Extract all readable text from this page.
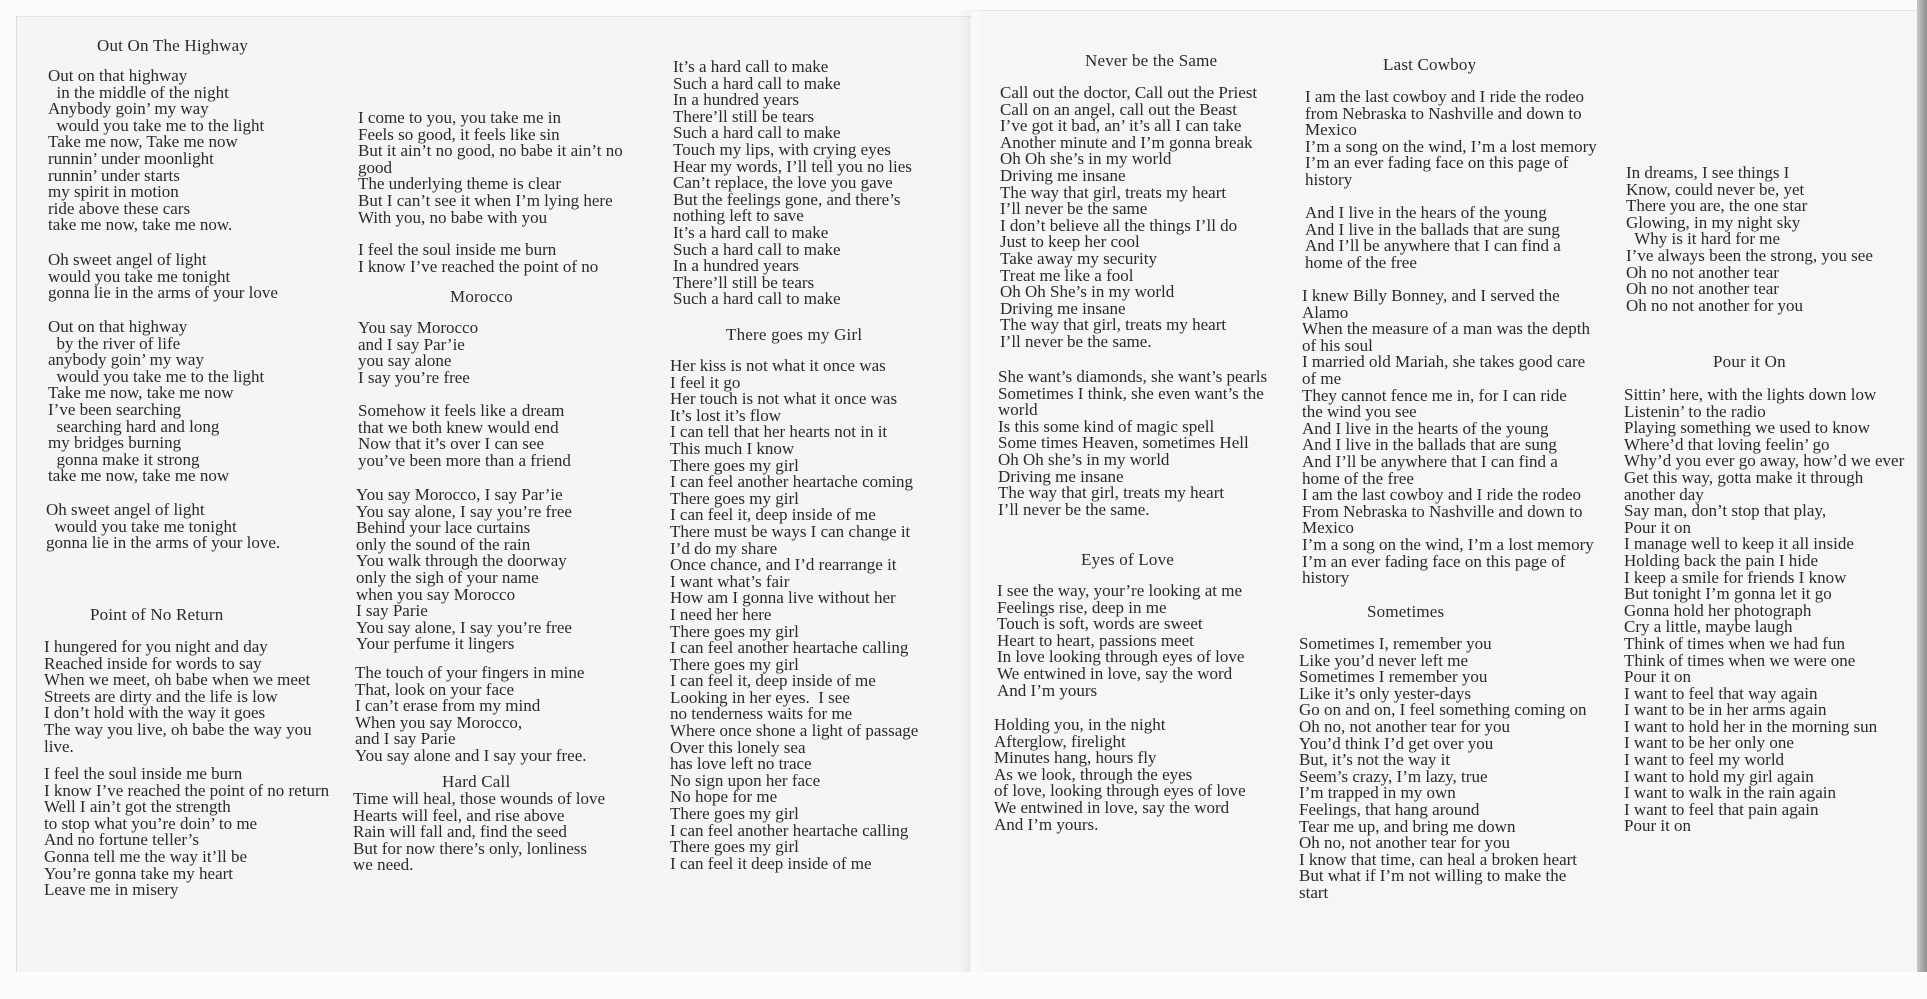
Out On The Highway
Out on that highway
in the middle of the night
Anybody goin’ my way
would you take me to the light
Take me now, Take me now
runnin’ under moonlight
runnin’ under starts
my spirit in motion
ride above these cars
take me now, take me now.
Oh sweet angel of light
would you take me tonight
gonna lie in the arms of your love
Out on that highway
by the river of life
anybody goin’ my way
would you take me to the light
Take me now, take me now
I’ve been searching
searching hard and long
my bridges burning
gonna make it strong
take me now, take me now
Oh sweet angel of light
would you take me tonight
gonna lie in the arms of your love.
Point of No Return
I hungered for you night and day
Reached inside for words to say
When we meet, oh babe when we meet
Streets are dirty and the life is low
I don’t hold with the way it goes
The way you live, oh babe the way you
live.
I feel the soul inside me burn
I know I’ve reached the point of no return
Well I ain’t got the strength
to stop what you’re doin’ to me
And no fortune teller’s
Gonna tell me the way it’ll be
You’re gonna take my heart
Leave me in misery
I come to you, you take me in
Feels so good, it feels like sin
But it ain’t no good, no babe it ain’t no
good
The underlying theme is clear
But I can’t see it when I’m lying here
With you, no babe with you
I feel the soul inside me burn
I know I’ve reached the point of no
Morocco
You say Morocco
and I say Par’ie
you say alone
I say you’re free
Somehow it feels like a dream
that we both knew would end
Now that it’s over I can see
you’ve been more than a friend
You say Morocco, I say Par’ie
You say alone, I say you’re free
Behind your lace curtains
only the sound of the rain
You walk through the doorway
only the sigh of your name
when you say Morocco
I say Parie
You say alone, I say you’re free
Your perfume it lingers
The touch of your fingers in mine
That, look on your face
I can’t erase from my mind
When you say Morocco,
and I say Parie
You say alone and I say your free.
Hard Call
Time will heal, those wounds of love
Hearts will feel, and rise above
Rain will fall and, find the seed
But for now there’s only, lonliness
we need.
It’s a hard call to make
Such a hard call to make
In a hundred years
There’ll still be tears
Such a hard call to make
Touch my lips, with crying eyes
Hear my words, I’ll tell you no lies
Can’t replace, the love you gave
But the feelings gone, and there’s
nothing left to save
It’s a hard call to make
Such a hard call to make
In a hundred years
There’ll still be tears
Such a hard call to make
There goes my Girl
Her kiss is not what it once was
I feel it go
Her touch is not what it once was
It’s lost it’s flow
I can tell that her hearts not in it
This much I know
There goes my girl
I can feel another heartache coming
There goes my girl
I can feel it, deep inside of me
There must be ways I can change it
I’d do my share
Once chance, and I’d rearrange it
I want what’s fair
How am I gonna live without her
I need her here
There goes my girl
I can feel another heartache calling
There goes my girl
I can feel it, deep inside of me
Looking in her eyes.  I see
no tenderness waits for me
Where once shone a light of passage
Over this lonely sea
has love left no trace
No sign upon her face
No hope for me
There goes my girl
I can feel another heartache calling
There goes my girl
I can feel it deep inside of me
Never be the Same
Call out the doctor, Call out the Priest
Call on an angel, call out the Beast
I’ve got it bad, an’ it’s all I can take
Another minute and I’m gonna break
Oh Oh she’s in my world
Driving me insane
The way that girl, treats my heart
I’ll never be the same
I don’t believe all the things I’ll do
Just to keep her cool
Take away my security
Treat me like a fool
Oh Oh She’s in my world
Driving me insane
The way that girl, treats my heart
I’ll never be the same.
She want’s diamonds, she want’s pearls
Sometimes I think, she even want’s the
world
Is this some kind of magic spell
Some times Heaven, sometimes Hell
Oh Oh she’s in my world
Driving me insane
The way that girl, treats my heart
I’ll never be the same.
Eyes of Love
I see the way, your’re looking at me
Feelings rise, deep in me
Touch is soft, words are sweet
Heart to heart, passions meet
In love looking through eyes of love
We entwined in love, say the word
And I’m yours
Holding you, in the night
Afterglow, firelight
Minutes hang, hours fly
As we look, through the eyes
of love, looking through eyes of love
We entwined in love, say the word
And I’m yours.
Last Cowboy
I am the last cowboy and I ride the rodeo
from Nebraska to Nashville and down to
Mexico
I’m a song on the wind, I’m a lost memory
I’m an ever fading face on this page of
history
And I live in the hears of the young
And I live in the ballads that are sung
And I’ll be anywhere that I can find a
home of the free
I knew Billy Bonney, and I served the
Alamo
When the measure of a man was the depth
of his soul
I married old Mariah, she takes good care
of me
They cannot fence me in, for I can ride
the wind you see
And I live in the hearts of the young
And I live in the ballads that are sung
And I’ll be anywhere that I can find a
home of the free
I am the last cowboy and I ride the rodeo
From Nebraska to Nashville and down to
Mexico
I’m a song on the wind, I’m a lost memory
I’m an ever fading face on this page of
history
Sometimes
Sometimes I, remember you
Like you’d never left me
Sometimes I remember you
Like it’s only yester-days
Go on and on, I feel something coming on
Oh no, not another tear for you
You’d think I’d get over you
But, it’s not the way it
Seem’s crazy, I’m lazy, true
I’m trapped in my own
Feelings, that hang around
Tear me up, and bring me down
Oh no, not another tear for you
I know that time, can heal a broken heart
But what if I’m not willing to make the
start
In dreams, I see things I
Know, could never be, yet
There you are, the one star
Glowing, in my night sky
Why is it hard for me
I’ve always been the strong, you see
Oh no not another tear
Oh no not another tear
Oh no not another for you
Pour it On
Sittin’ here, with the lights down low
Listenin’ to the radio
Playing something we used to know
Where’d that loving feelin’ go
Why’d you ever go away, how’d we ever
Get this way, gotta make it through
another day
Say man, don’t stop that play,
Pour it on
I manage well to keep it all inside
Holding back the pain I hide
I keep a smile for friends I know
But tonight I’m gonna let it go
Gonna hold her photograph
Cry a little, maybe laugh
Think of times when we had fun
Think of times when we were one
Pour it on
I want to feel that way again
I want to be in her arms again
I want to hold her in the morning sun
I want to be her only one
I want to feel my world
I want to hold my girl again
I want to walk in the rain again
I want to feel that pain again
Pour it on
